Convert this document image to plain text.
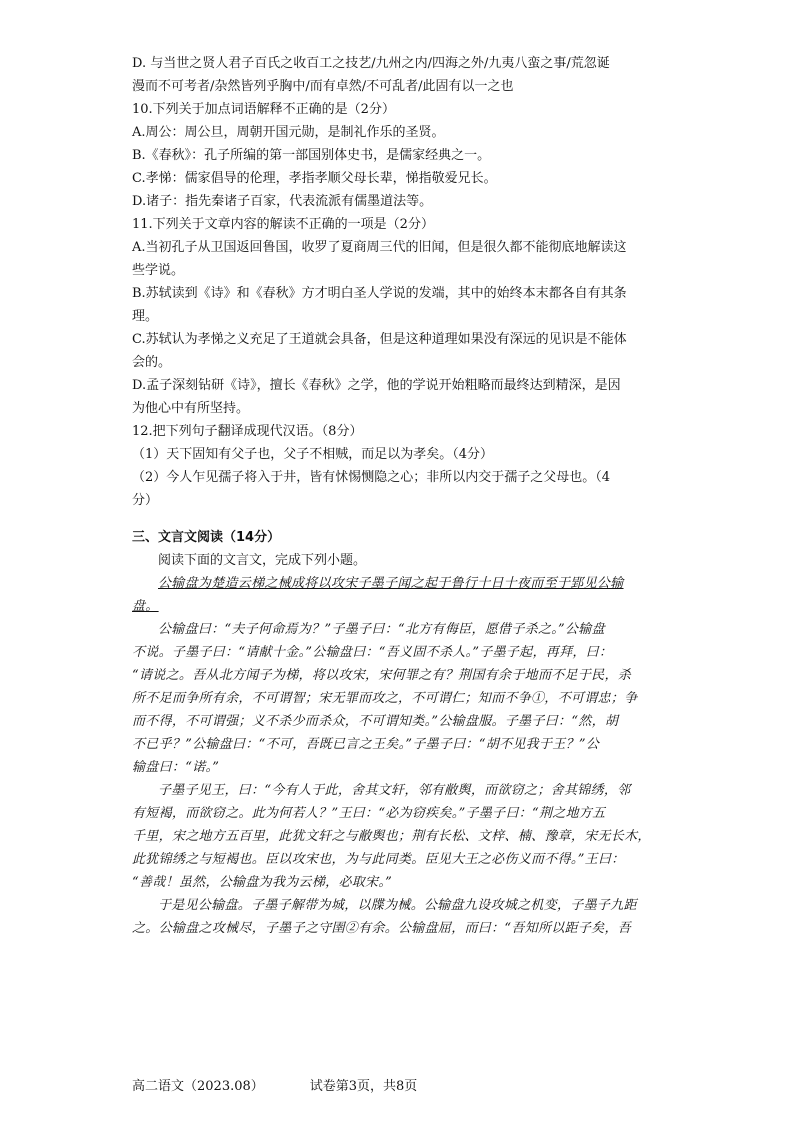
D. 与当世之贤人君子百氏之收百工之技艺/九州之内/四海之外/九夷八蛮之事/荒忽诞
漫而不可考者/杂然皆列乎胸中/而有卓然/不可乱者/此固有以一之也
10.下列关于加点词语解释不正确的是（2分）
A.周公：周公旦，周朝开国元勋，是制礼作乐的圣贤。
B.《春秋》：孔子所编的第一部国别体史书，是儒家经典之一。
C.孝悌：儒家倡导的伦理，孝指孝顺父母长辈，悌指敬爱兄长。
D.诸子：指先秦诸子百家，代表流派有儒墨道法等。
11.下列关于文章内容的解读不正确的一项是（2分）
A.当初孔子从卫国返回鲁国，收罗了夏商周三代的旧闻，但是很久都不能彻底地解读这
些学说。
B.苏轼读到《诗》和《春秋》方才明白圣人学说的发端，其中的始终本末都各自有其条
理。
C.苏轼认为孝悌之义充足了王道就会具备，但是这种道理如果没有深远的见识是不能体
会的。
D.孟子深刻钻研《诗》，擅长《春秋》之学，他的学说开始粗略而最终达到精深，是因
为他心中有所坚持。
12.把下列句子翻译成现代汉语。（8分）
（1）天下固知有父子也，父子不相贼，而足以为孝矣。（4分）
（2）今人乍见孺子将入于井，皆有怵惕恻隐之心；非所以内交于孺子之父母也。（4
分）
三、文言文阅读（14分）
阅读下面的文言文，完成下列小题。
公输盘为楚造云梯之械成将以攻宋子墨子闻之起于鲁行十日十夜而至于郢见公输
盘。
公输盘曰：“夫子何命焉为？”子墨子曰：“北方有侮臣，愿借子杀之。”公输盘
不说。子墨子曰：“请献十金。”公输盘曰：“吾义固不杀人。”子墨子起，再拜，曰：
“请说之。吾从北方闻子为梯，将以攻宋，宋何罪之有？荆国有余于地而不足于民，杀
所不足而争所有余，不可谓智；宋无罪而攻之，不可谓仁；知而不争①，不可谓忠；争
而不得，不可谓强；义不杀少而杀众，不可谓知类。”公输盘服。子墨子曰：“然，胡
不已乎？”公输盘曰：“不可，吾既已言之王矣。”子墨子曰：“胡不见我于王？”公
输盘曰：“诺。”
子墨子见王，曰：“今有人于此，舍其文轩，邻有敝舆，而欲窃之；舍其锦绣，邻
有短褐，而欲窃之。此为何若人？”王曰：“必为窃疾矣。”子墨子曰：“荆之地方五
千里，宋之地方五百里，此犹文轩之与敝舆也；荆有长松、文梓、楠、豫章，宋无长木，
此犹锦绣之与短褐也。臣以攻宋也，为与此同类。臣见大王之必伤义而不得。”王曰：
“善哉！虽然，公输盘为我为云梯，必取宋。”
于是见公输盘。子墨子解带为城，以牒为械。公输盘九设攻城之机变，子墨子九距
之。公输盘之攻械尽，子墨子之守圉②有余。公输盘屈，而曰：“吾知所以距子矣，吾
高二语文（2023.08）	试卷第3页，共8页
